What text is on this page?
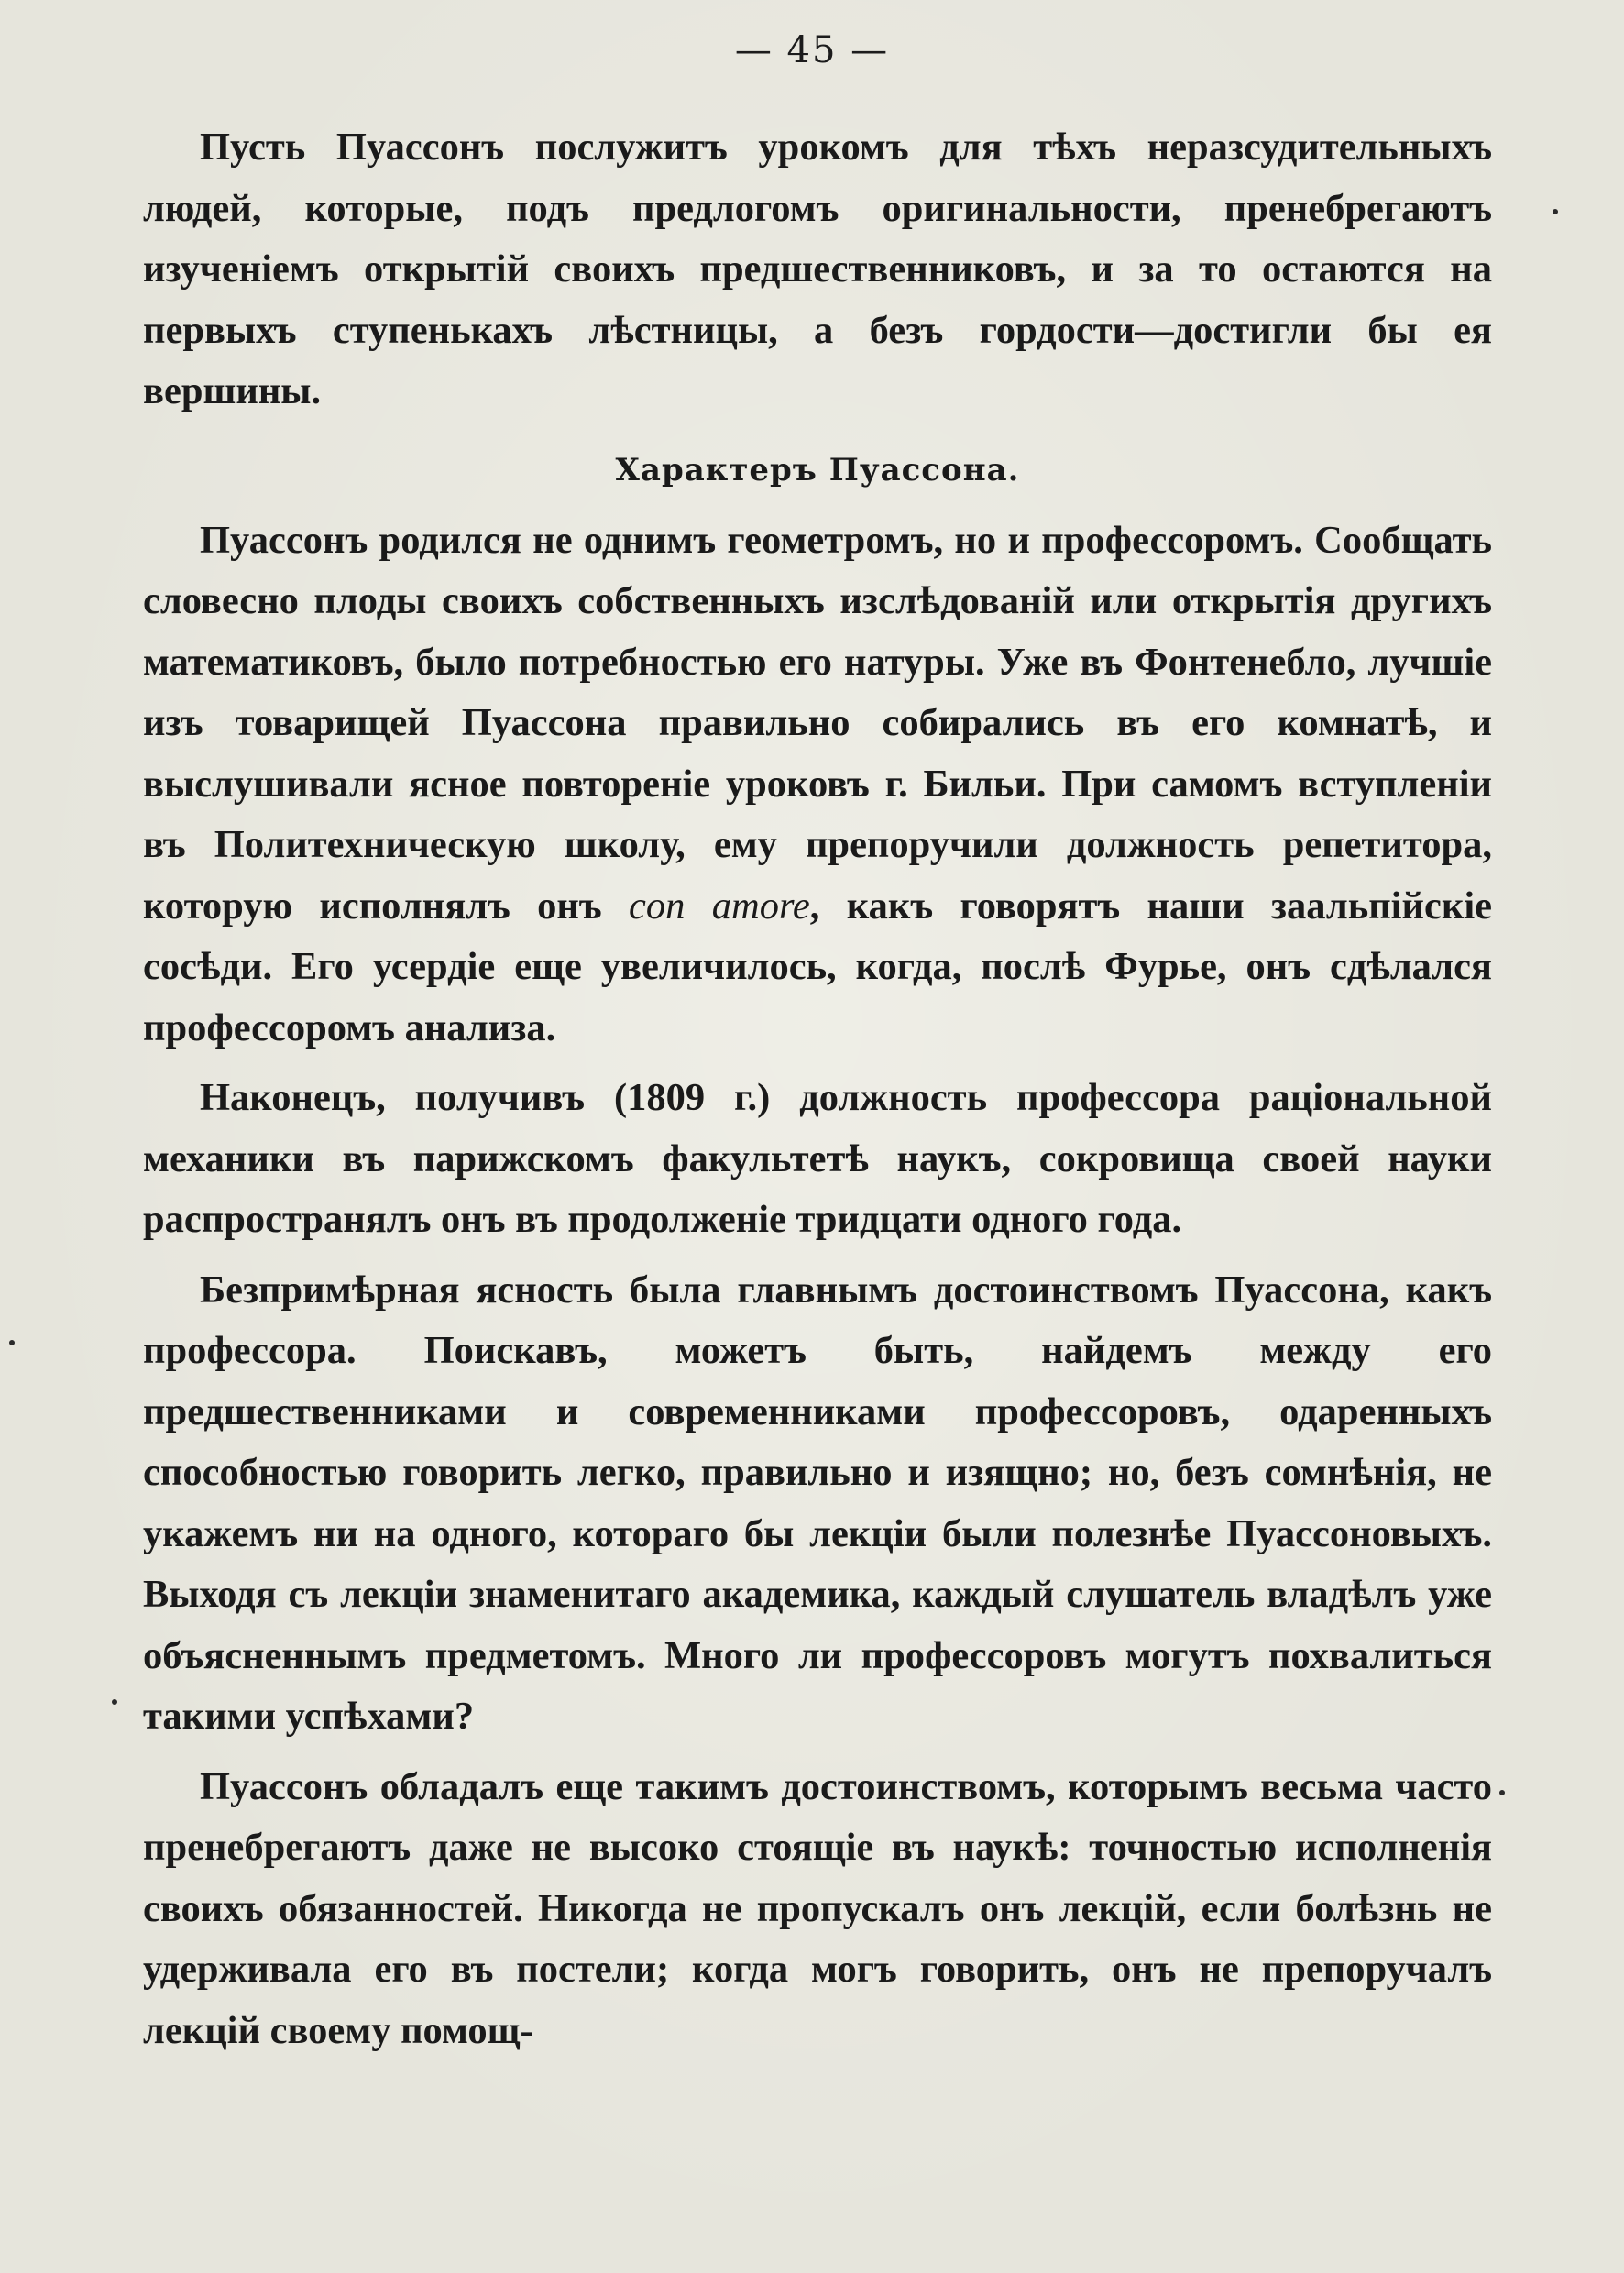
— 45 —

Пусть Пуассонъ послужитъ урокомъ для тѣхъ неразсудительныхъ людей, которые, подъ предлогомъ оригинальности, пренебрегаютъ изученіемъ открытій своихъ предшественниковъ, и за то остаются на первыхъ ступенькахъ лѣстницы, а безъ гордости—достигли бы ея вершины.

Характеръ Пуассона.

Пуассонъ родился не однимъ геометромъ, но и профессоромъ. Сообщать словесно плоды своихъ собственныхъ изслѣдованій или открытія другихъ математиковъ, было потребностью его натуры. Уже въ Фонтенебло, лучшіе изъ товарищей Пуассона правильно собирались въ его комнатѣ, и выслушивали ясное повтореніе уроковъ г. Бильи. При самомъ вступленіи въ Политехническую школу, ему препоручили должность репетитора, которую исполнялъ онъ con amore, какъ говорятъ наши заальпійскіе сосѣди. Его усердіе еще увеличилось, когда, послѣ Фурье, онъ сдѣлался профессоромъ анализа.

Наконецъ, получивъ (1809 г.) должность профессора раціональной механики въ парижскомъ факультетѣ наукъ, сокровища своей науки распространялъ онъ въ продолженіе тридцати одного года.

Безпримѣрная ясность была главнымъ достоинствомъ Пуассона, какъ профессора. Поискавъ, можетъ быть, найдемъ между его предшественниками и современниками профессоровъ, одаренныхъ способностью говорить легко, правильно и изящно; но, безъ сомнѣнія, не укажемъ ни на одного, котораго бы лекціи были полезнѣе Пуассоновыхъ. Выходя съ лекціи знаменитаго академика, каждый слушатель владѣлъ уже объясненнымъ предметомъ. Много ли профессоровъ могутъ похвалиться такими успѣхами?

Пуассонъ обладалъ еще такимъ достоинствомъ, которымъ весьма часто пренебрегаютъ даже не высоко стоящіе въ наукѣ: точностью исполненія своихъ обязанностей. Никогда не пропускалъ онъ лекцій, если болѣзнь не удерживала его въ постели; когда могъ говорить, онъ не препоручалъ лекцій своему помощ-
